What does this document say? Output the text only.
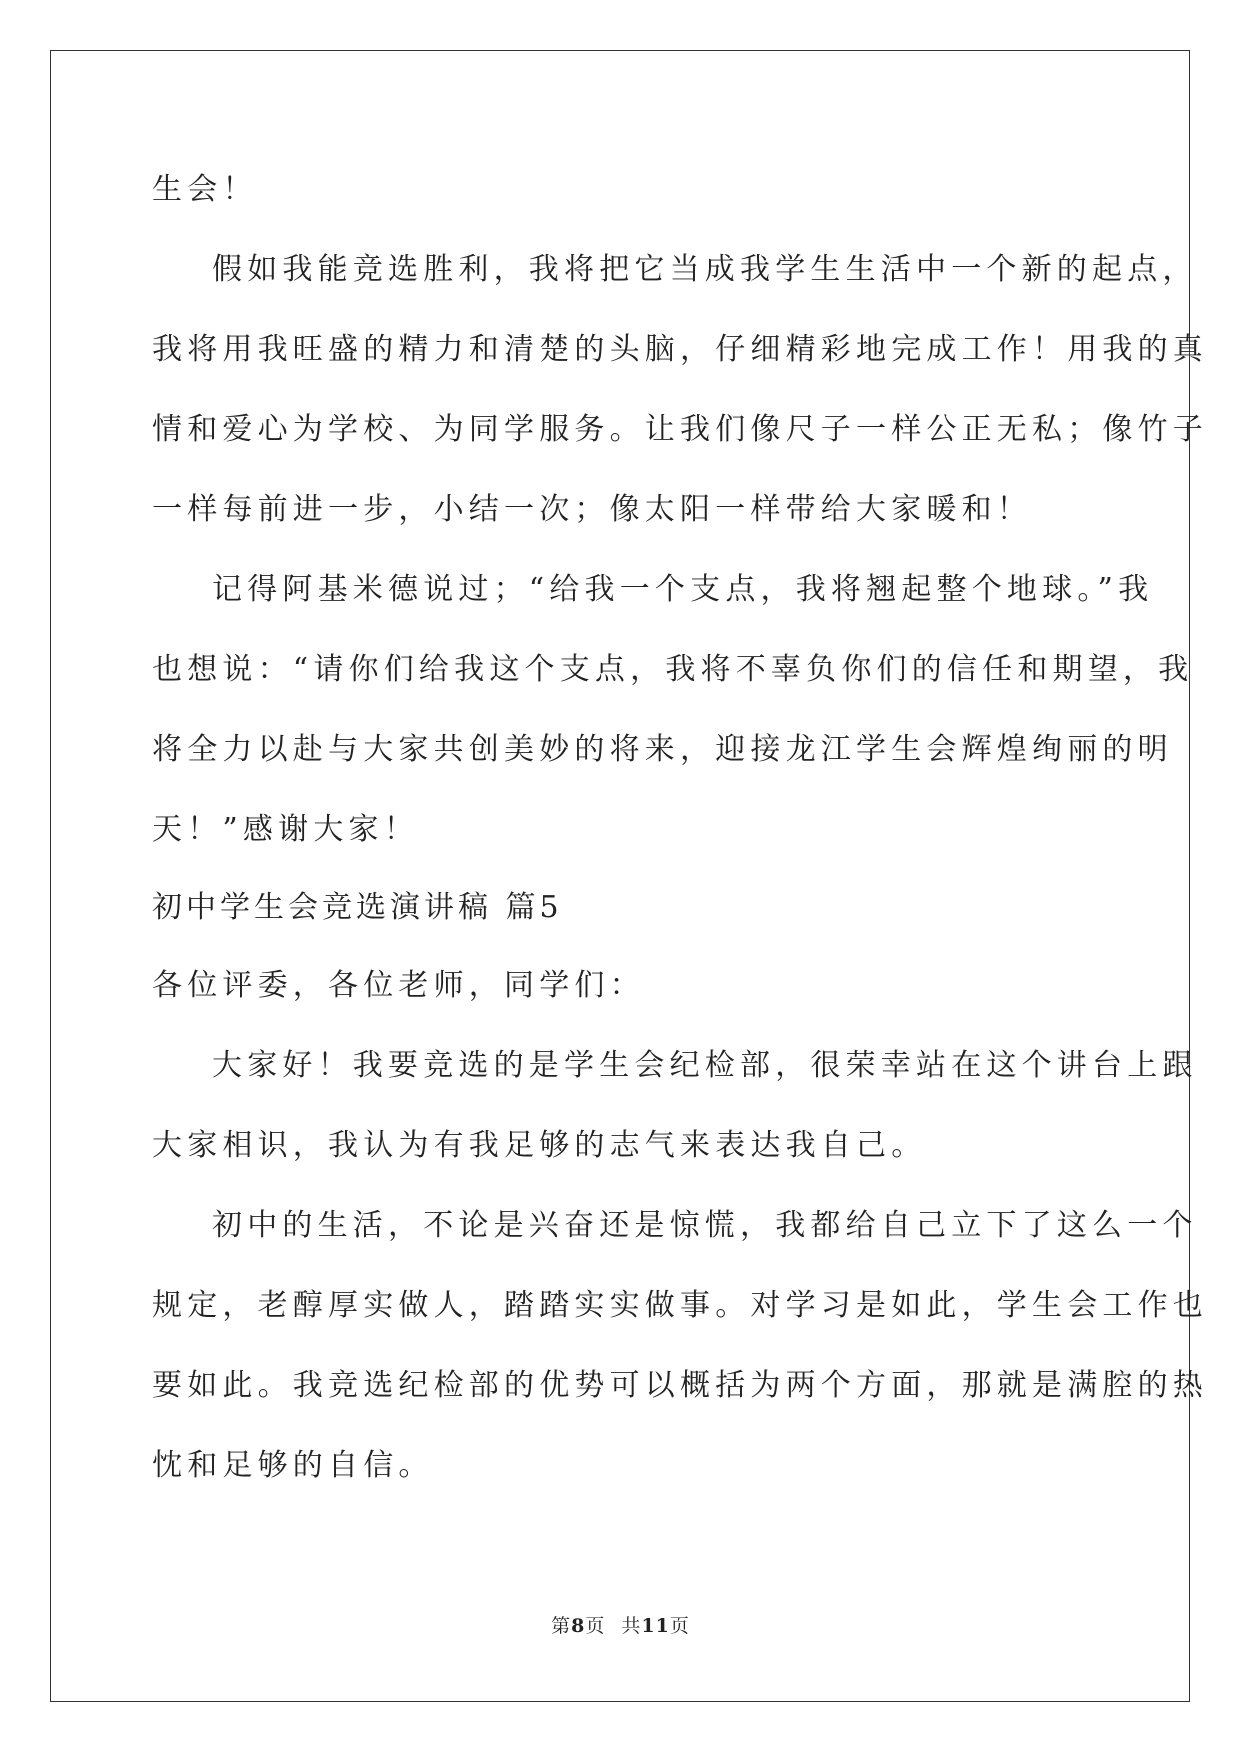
生会！
假如我能竞选胜利，我将把它当成我学生生活中一个新的起点，
我将用我旺盛的精力和清楚的头脑，仔细精彩地完成工作！用我的真
情和爱心为学校、为同学服务。让我们像尺子一样公正无私；像竹子
一样每前进一步，小结一次；像太阳一样带给大家暖和！
记得阿基米德说过；“给我一个支点，我将翘起整个地球。”我
也想说：“请你们给我这个支点，我将不辜负你们的信任和期望，我
将全力以赴与大家共创美妙的将来，迎接龙江学生会辉煌绚丽的明
天！”感谢大家！
初中学生会竞选演讲稿 篇5
各位评委，各位老师，同学们：
大家好！我要竞选的是学生会纪检部，很荣幸站在这个讲台上跟
大家相识，我认为有我足够的志气来表达我自己。
初中的生活，不论是兴奋还是惊慌，我都给自己立下了这么一个
规定，老醇厚实做人，踏踏实实做事。对学习是如此，学生会工作也
要如此。我竞选纪检部的优势可以概括为两个方面，那就是满腔的热
忱和足够的自信。
第8页 共11页
